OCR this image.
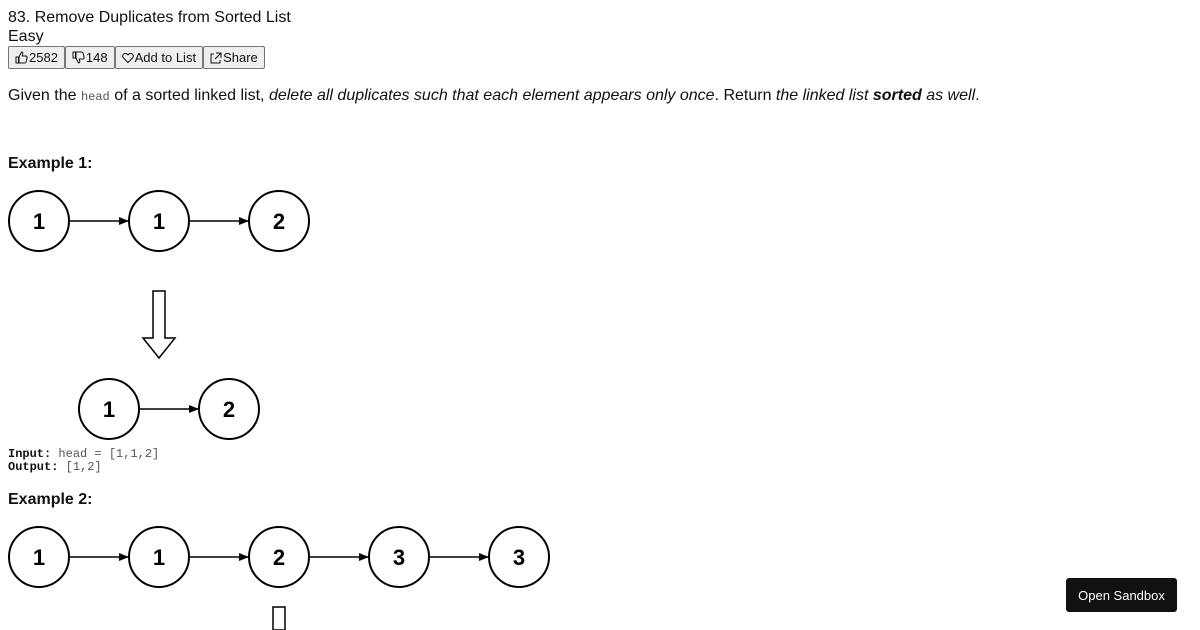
83. Remove Duplicates from Sorted List
Easy
2582 148 Add to List Share

Given the head of a sorted linked list, delete all duplicates such that each element appears only once. Return the linked list sorted as well.

Example 1:
1	1	2
1	2
Input: head = [1,1,2]
Output: [1,2]
Example 2:
1	1	2	3	3
Open Sandbox
